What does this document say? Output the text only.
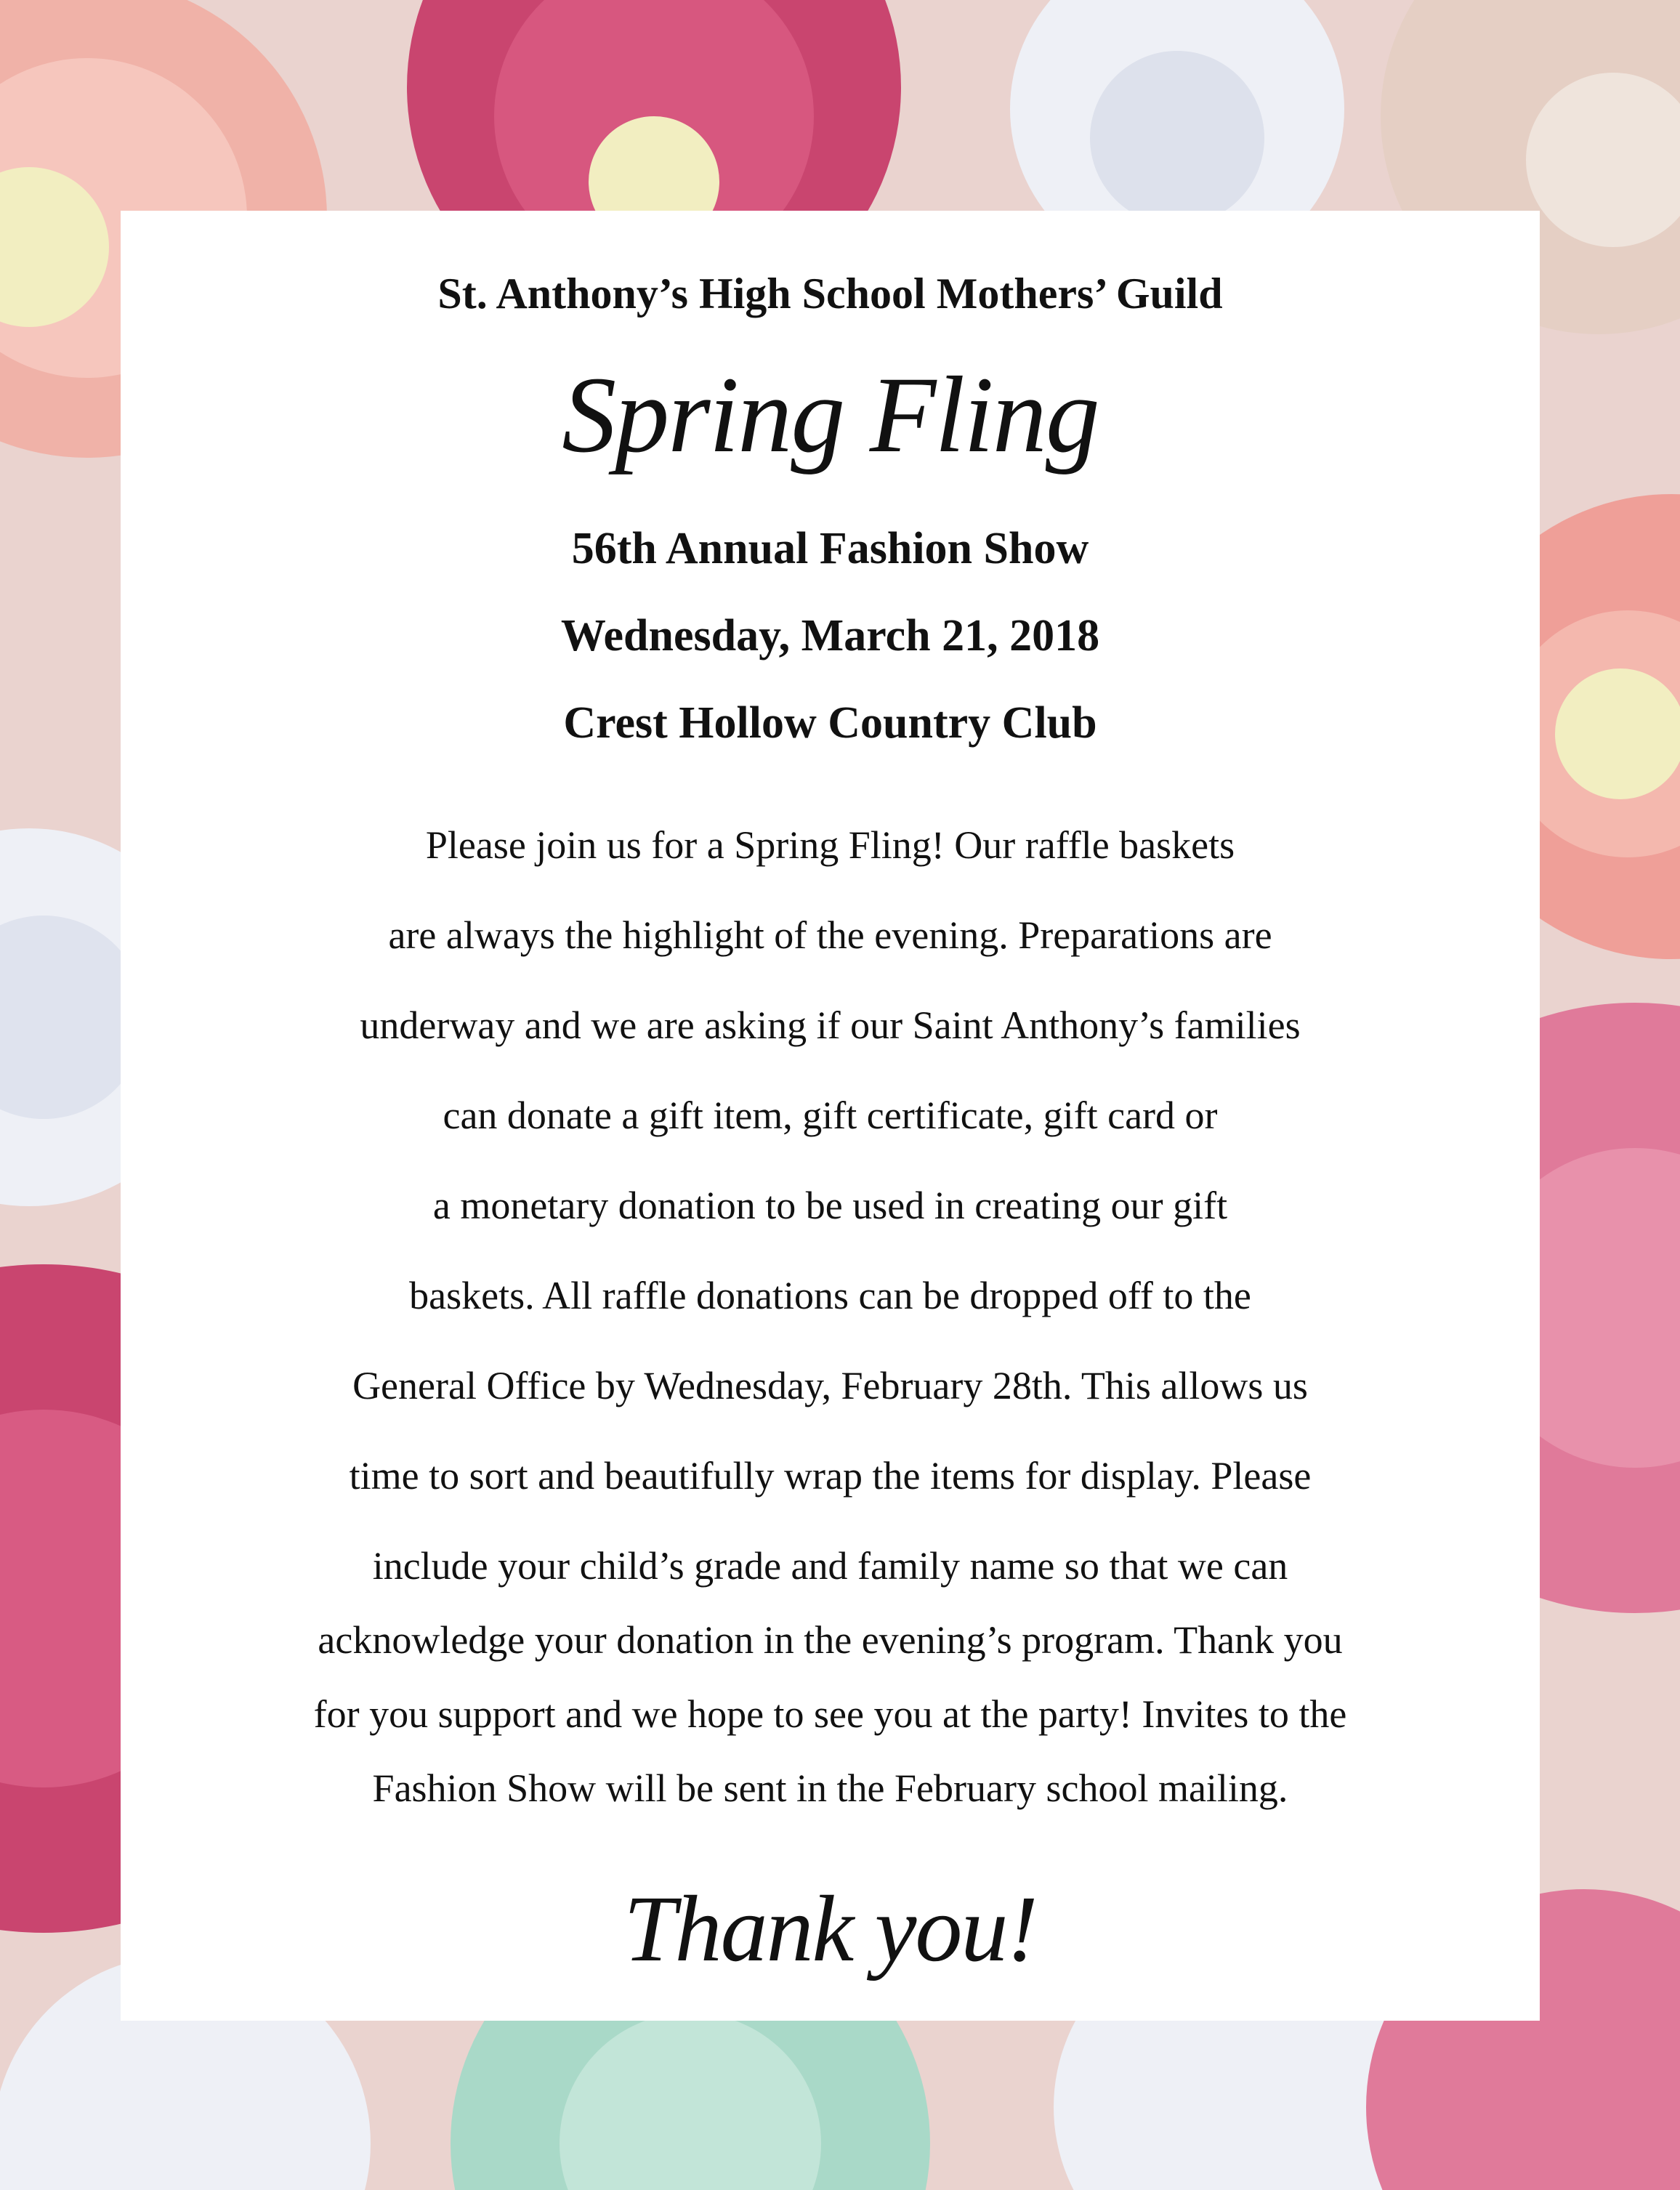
St. Anthony’s High School Mothers’ Guild
Spring Fling
56th Annual Fashion Show
Wednesday, March 21, 2018
Crest Hollow Country Club
Please join us for a Spring Fling! Our raffle baskets
are always the highlight of the evening. Preparations are
underway and we are asking if our Saint Anthony’s families
can donate a gift item, gift certificate, gift card or
a monetary donation to be used in creating our gift
baskets. All raffle donations can be dropped off to the
General Office by Wednesday, February 28th. This allows us
time to sort and beautifully wrap the items for display. Please
include your child’s grade and family name so that we can
acknowledge your donation in the evening’s program. Thank you
for you support and we hope to see you at the party! Invites to the
Fashion Show will be sent in the February school mailing.
Thank you!
